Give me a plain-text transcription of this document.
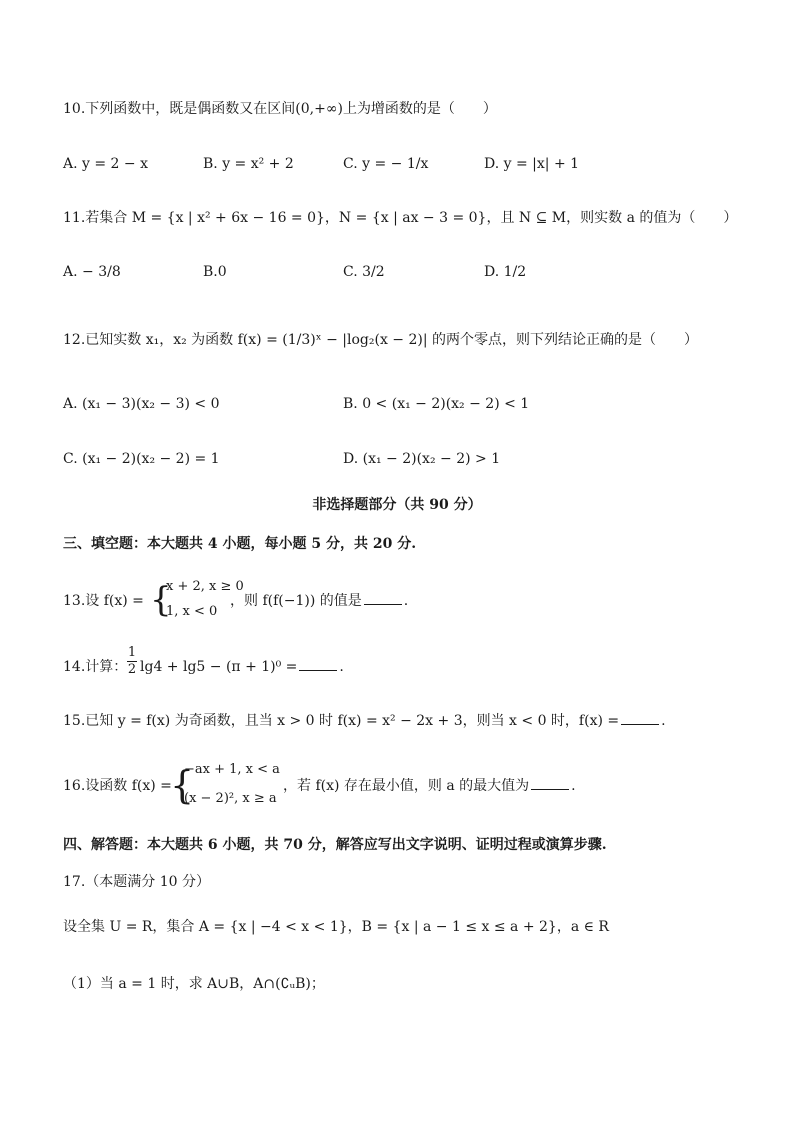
10.下列函数中，既是偶函数又在区间(0,+∞)上为增函数的是（　　）
A. y = 2 − x	B. y = x² + 2	C. y = − 1/x	D. y = |x| + 1
11.若集合 M = {x | x² + 6x − 16 = 0}，N = {x | ax − 3 = 0}，且 N ⊆ M，则实数 a 的值为（　　）
A. − 3/8	B.0	C. 3/2	D. 1/2
12.已知实数 x₁，x₂ 为函数 f(x) = (1/3)ˣ − |log₂(x − 2)| 的两个零点，则下列结论正确的是（　　）
A. (x₁ − 3)(x₂ − 3) < 0	B. 0 < (x₁ − 2)(x₂ − 2) < 1
C. (x₁ − 2)(x₂ − 2) = 1	D. (x₁ − 2)(x₂ − 2) > 1
非选择题部分（共 90 分）
三、填空题：本大题共 4 小题，每小题 5 分，共 20 分.
13.设 f(x) = {
x + 2, x ≥ 0
1, x < 0
，则 f(f(−1)) 的值是	.
14.计算： $\frac{1}{2} \lg 4 + \lg 5 - (\pi + 1)^0$ =	.
15.已知 y = f(x) 为奇函数，且当 x > 0 时 f(x) = x² − 2x + 3，则当 x < 0 时，f(x) =	.
16.设函数 f(x) =
{
−ax + 1, x < a
(x − 2)², x ≥ a
，若 f(x) 存在最小值，则 a 的最大值为	.
四、解答题：本大题共 6 小题，共 70 分，解答应写出文字说明、证明过程或演算步骤.
17.（本题满分 10 分）
设全集 U = R，集合 A = {x | −4 < x < 1}，B = {x | a − 1 ≤ x ≤ a + 2}，a ∈ R
（1）当 a = 1 时，求 A∪B，A∩(∁ᵤB)；
